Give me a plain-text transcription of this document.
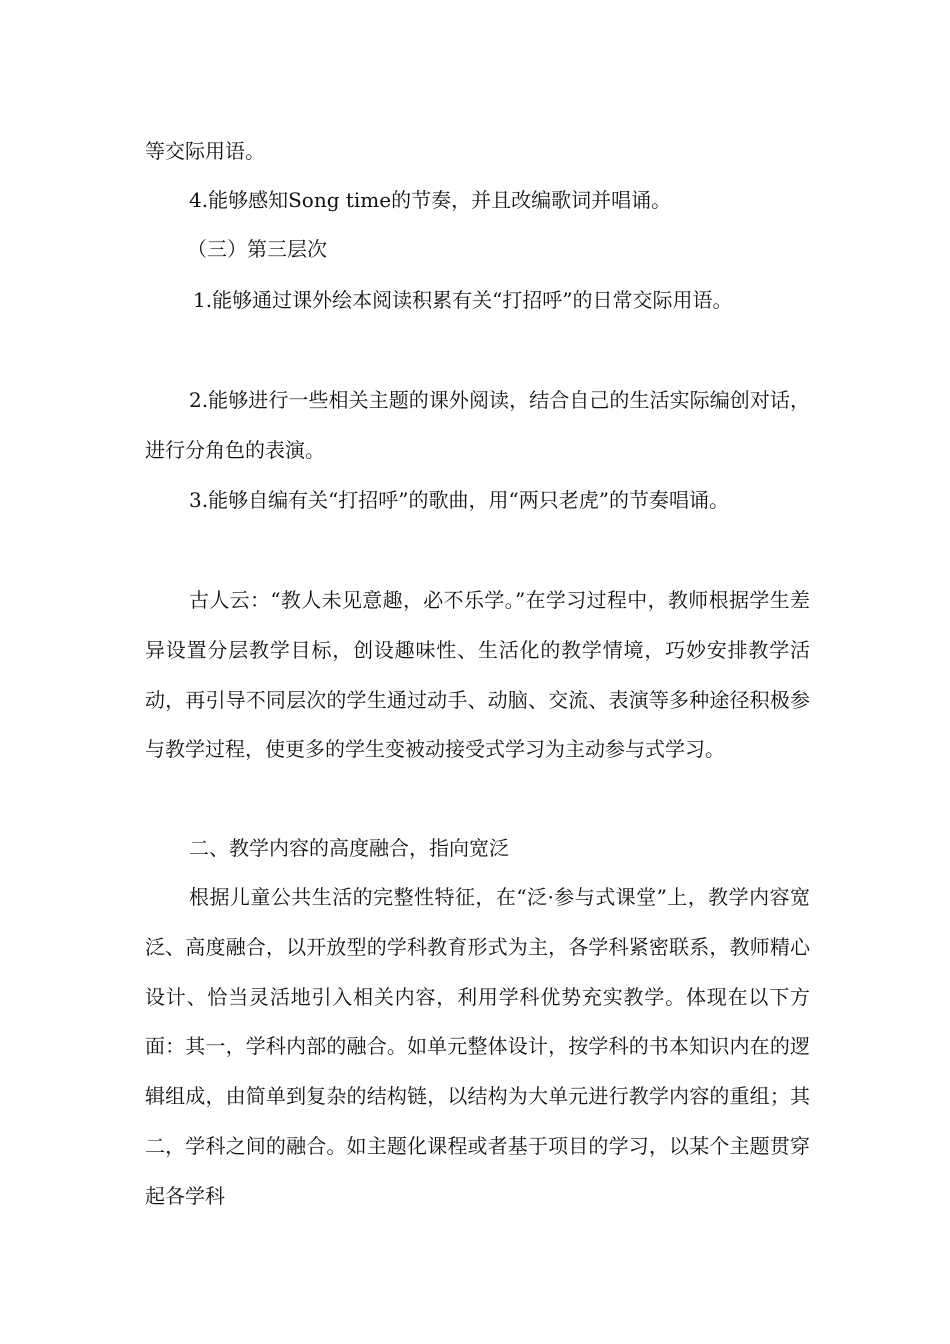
等交际用语。

4.能够感知Song time的节奏，并且改编歌词并唱诵。

（三）第三层次

1.能够通过课外绘本阅读积累有关“打招呼”的日常交际用语。

2.能够进行一些相关主题的课外阅读，结合自己的生活实际编创对话，进行分角色的表演。

3.能够自编有关“打招呼”的歌曲，用“两只老虎”的节奏唱诵。

古人云：“教人未见意趣，必不乐学。”在学习过程中，教师根据学生差异设置分层教学目标，创设趣味性、生活化的教学情境，巧妙安排教学活动，再引导不同层次的学生通过动手、动脑、交流、表演等多种途径积极参与教学过程，使更多的学生变被动接受式学习为主动参与式学习。

二、教学内容的高度融合，指向宽泛

根据儿童公共生活的完整性特征，在“泛·参与式课堂”上，教学内容宽泛、高度融合，以开放型的学科教育形式为主，各学科紧密联系，教师精心设计、恰当灵活地引入相关内容，利用学科优势充实教学。体现在以下方面：其一，学科内部的融合。如单元整体设计，按学科的书本知识内在的逻辑组成，由简单到复杂的结构链，以结构为大单元进行教学内容的重组；其二，学科之间的融合。如主题化课程或者基于项目的学习，以某个主题贯穿起各学科
